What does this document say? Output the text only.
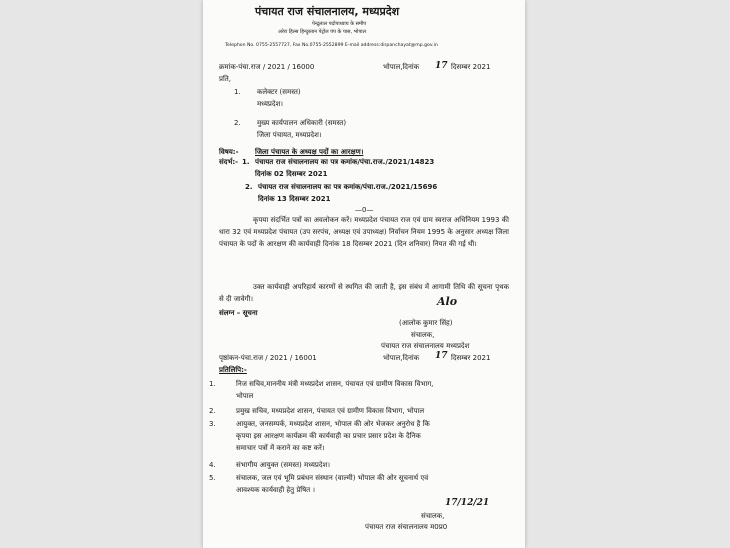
पंचायत राज संचालनालय, मध्यप्रदेश
पेन्द्रुलाल पदोपाध्याय के समीप
अरेरा हिल्स हिन्दुस्तान पेट्रोल पंप के पास, भोपाल
Telephon No. 0755-2557727, Fax No.0755-2552899 E-mail address:dirpanchayat@mp.gov.in
क्रमांक-पंचा.राज / 2021 / 16000	भोपाल,दिनांक 17 दिसम्बर 2021
प्रति,
1. कलेक्टर (समस्त)
मध्यप्रदेश।
2. मुख्य कार्यपालन अधिकारी (समस्त)
जिला पंचायत, मध्यप्रदेश।
विषय:- जिला पंचायत के अध्यक्ष पदों का आरक्षण।
संदर्भ:- 1. पंचायत राज संचालनालय का पत्र कमांक/पंचा.राज./2021/14823
दिनांक 02 दिसम्बर 2021
2. पंचायत राज संचालनालय का पत्र कमांक/पंचा.राज./2021/15696
दिनांक 13 दिसम्बर 2021
—0—
कृपया संदर्भित पत्रों का अवलोकन करें। मध्यप्रदेश पंचायत राज एवं ग्राम स्वराज अधिनियम 1993 की धारा 32 एवं मध्यप्रदेश पंचायत (उप सरपंच, अध्यक्ष एवं उपाध्यक्ष) निर्वाचन नियम 1995 के अनुसार अध्यक्ष जिला पंचायत के पदों के आरक्षण की कार्यवाही दिनांक 18 दिसम्बर 2021 (दिन शनिवार) नियत की गई थी।
उक्त कार्यवाही अपरिहार्य कारणों से स्थगित की जाती है, इस संबंध में आगामी तिथि की सूचना पृथक से दी जावेगी।
संलग्न – सूचना
Alo
(आलोक कुमार सिंह)
संचालक,
पंचायत राज संचालनालय मध्यप्रदेश
पृष्ठांकन-पंचा.राज / 2021 / 16001	भोपाल,दिनांक 17 दिसम्बर 2021
प्रतिलिपि:-
1.	निज सचिव,माननीय मंत्री मध्यप्रदेश शासन, पंचायत एवं ग्रामीण विकास विभाग,
भोपाल
2.	प्रमुख सचिव, मध्यप्रदेश शासन, पंचायत एवं ग्रामीण विकास विभाग, भोपाल
3.	आयुक्त, जनसम्पर्क, मध्यप्रदेश शासन, भोपाल की ओर भेजकर अनुरोध है कि
कृपया इस आरक्षण कार्यक्रम की कार्यवाही का प्रचार प्रसार प्रदेश के दैनिक
समाचार पत्रों में कराने का कष्ट करें।
4.	संभागीय आयुक्त (समस्त) मध्यप्रदेश।
5.	संचालक, जल एवं भूमि प्रबंधन संस्थान (वाल्मी) भोपाल की ओर सूचनार्थ एवं
आवश्यक कार्यवाही हेतु प्रेषित ।
17/12/21
संचालक,
पंचायत राज संचालनालय म0प्र0
